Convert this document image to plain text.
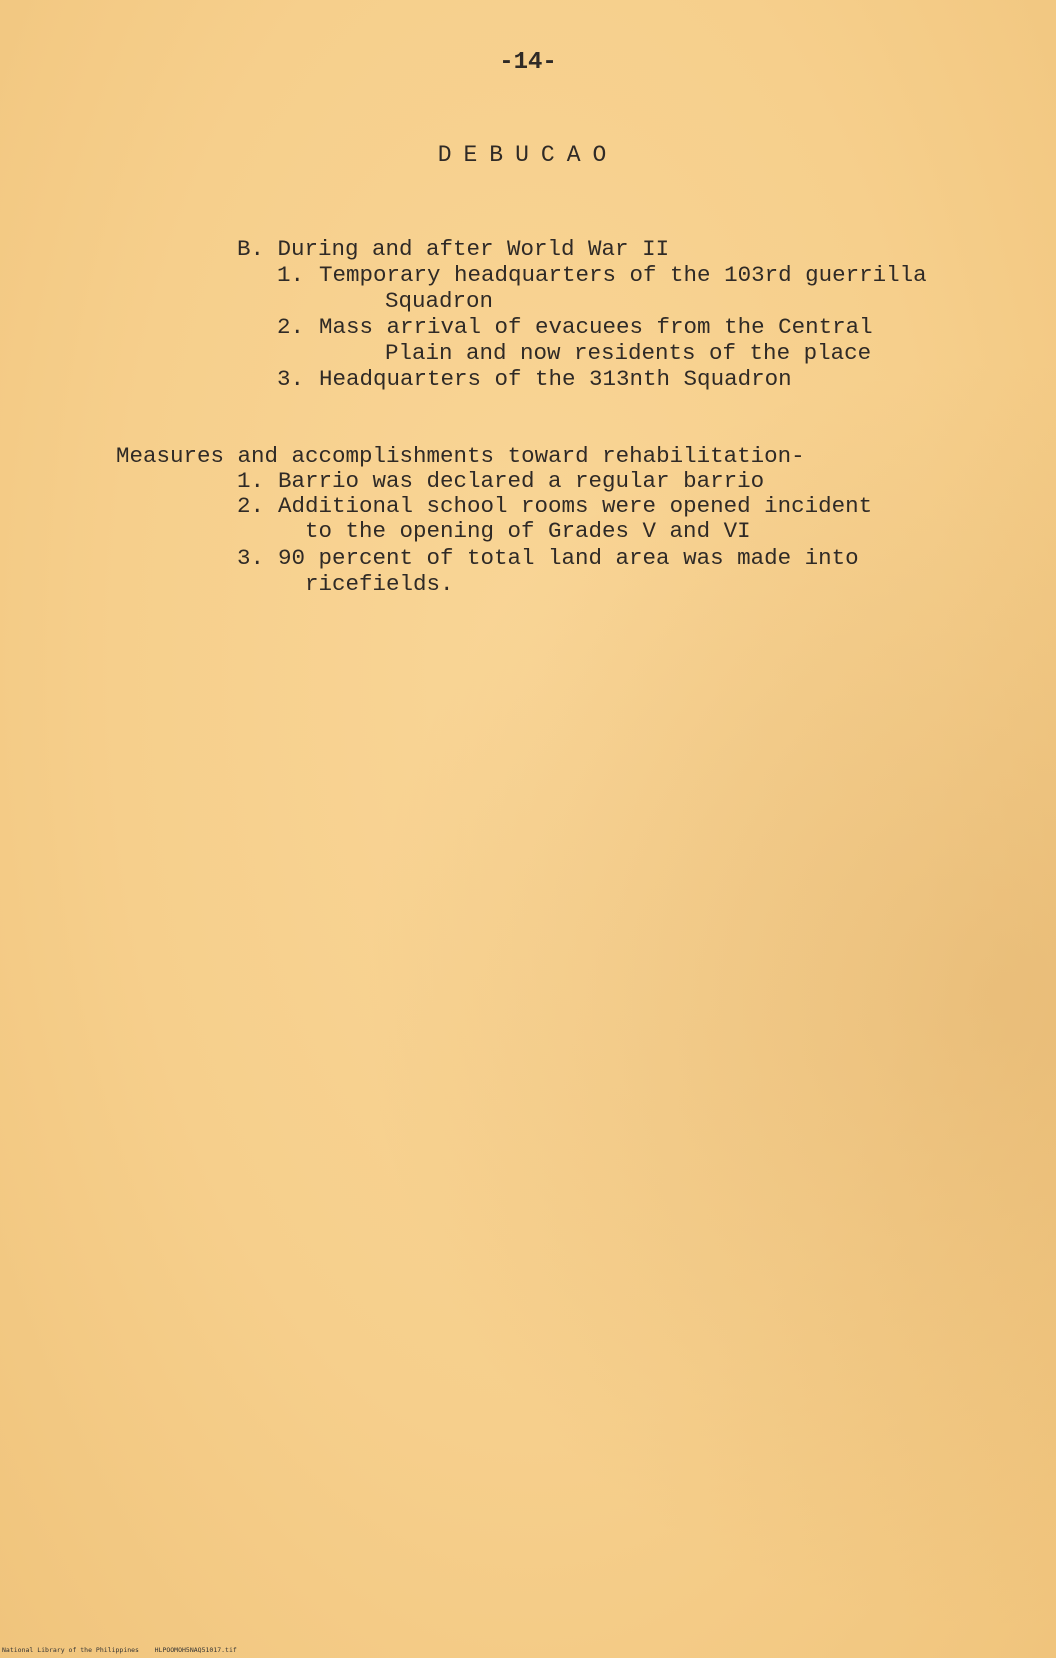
-14-
DEBUCAO
B. During and after World War II
1. Temporary headquarters of the 103rd guerrilla
Squadron
2. Mass arrival of evacuees from the Central
Plain and now residents of the place
3. Headquarters of the 313nth Squadron
Measures and accomplishments toward rehabilitation-
1. Barrio was declared a regular barrio
2. Additional school rooms were opened incident
to the opening of Grades V and VI
3. 90 percent of total land area was made into
ricefields.
National Library of the Philippines    HLPOOMOH5NAQ51017.tif
